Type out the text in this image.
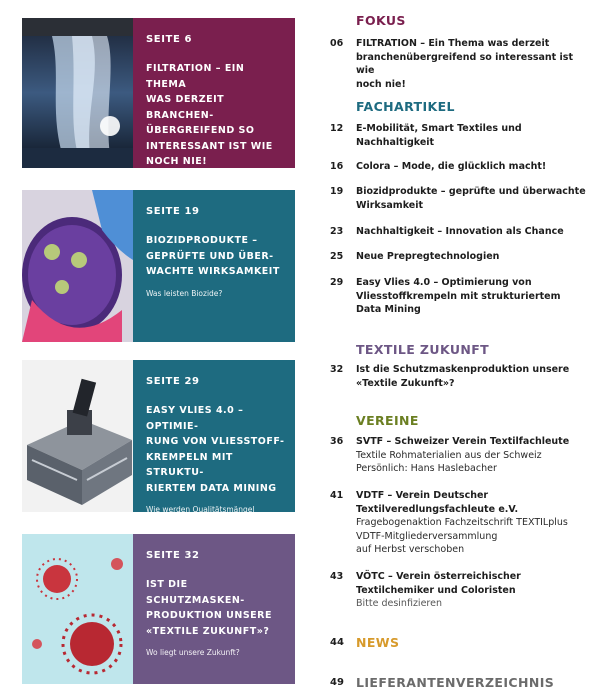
SEITE 6
FILTRATION – EIN THEMA
WAS DERZEIT BRANCHEN-
ÜBERGREIFEND SO
INTERESSANT IST WIE
NOCH NIE!
Was leisten Filtermaterialien?
SEITE 19
BIOZIDPRODUKTE –
GEPRÜFTE UND ÜBER-
WACHTE WIRKSAMKEIT
Was leisten Biozide?
SEITE 29
EASY VLIES 4.0 – OPTIMIE-
RUNG VON VLIESSTOFF-
KREMPELN MIT STRUKTU-
RIERTEM DATA MINING
Wie werden Qualitätsmängel
verhindert?
SEITE 32
IST DIE SCHUTZMASKEN-
PRODUKTION UNSERE
«TEXTILE ZUKUNFT»?
Wo liegt unsere Zukunft?
FOKUS
06 FILTRATION – Ein Thema was derzeit
branchenübergreifend so interessant ist wie
noch nie!
FACHARTIKEL
12 E-Mobilität, Smart Textiles und
Nachhaltigkeit
16 Colora – Mode, die glücklich macht!
19 Biozidprodukte – geprüfte und überwachte
Wirksamkeit
23 Nachhaltigkeit – Innovation als Chance
25 Neue Prepregtechnologien
29 Easy Vlies 4.0 – Optimierung von
Vliesstoffkrempeln mit strukturiertem
Data Mining
TEXTILE ZUKUNFT
32 Ist die Schutzmaskenproduktion unsere
«Textile Zukunft»?
VEREINE
36 SVTF – Schweizer Verein Textilfachleute
Textile Rohmaterialien aus der Schweiz
Persönlich: Hans Haslebacher
41 VDTF – Verein Deutscher
Textilveredlungsfachleute e.V.
Fragebogenaktion Fachzeitschrift TEXTILplus
VDTF-Mitgliederversammlung
auf Herbst verschoben
43 VÖTC – Verein österreichischer
Textilchemiker und Coloristen
Bitte desinfizieren
44 NEWS
49 LIEFERANTENVERZEICHNIS
